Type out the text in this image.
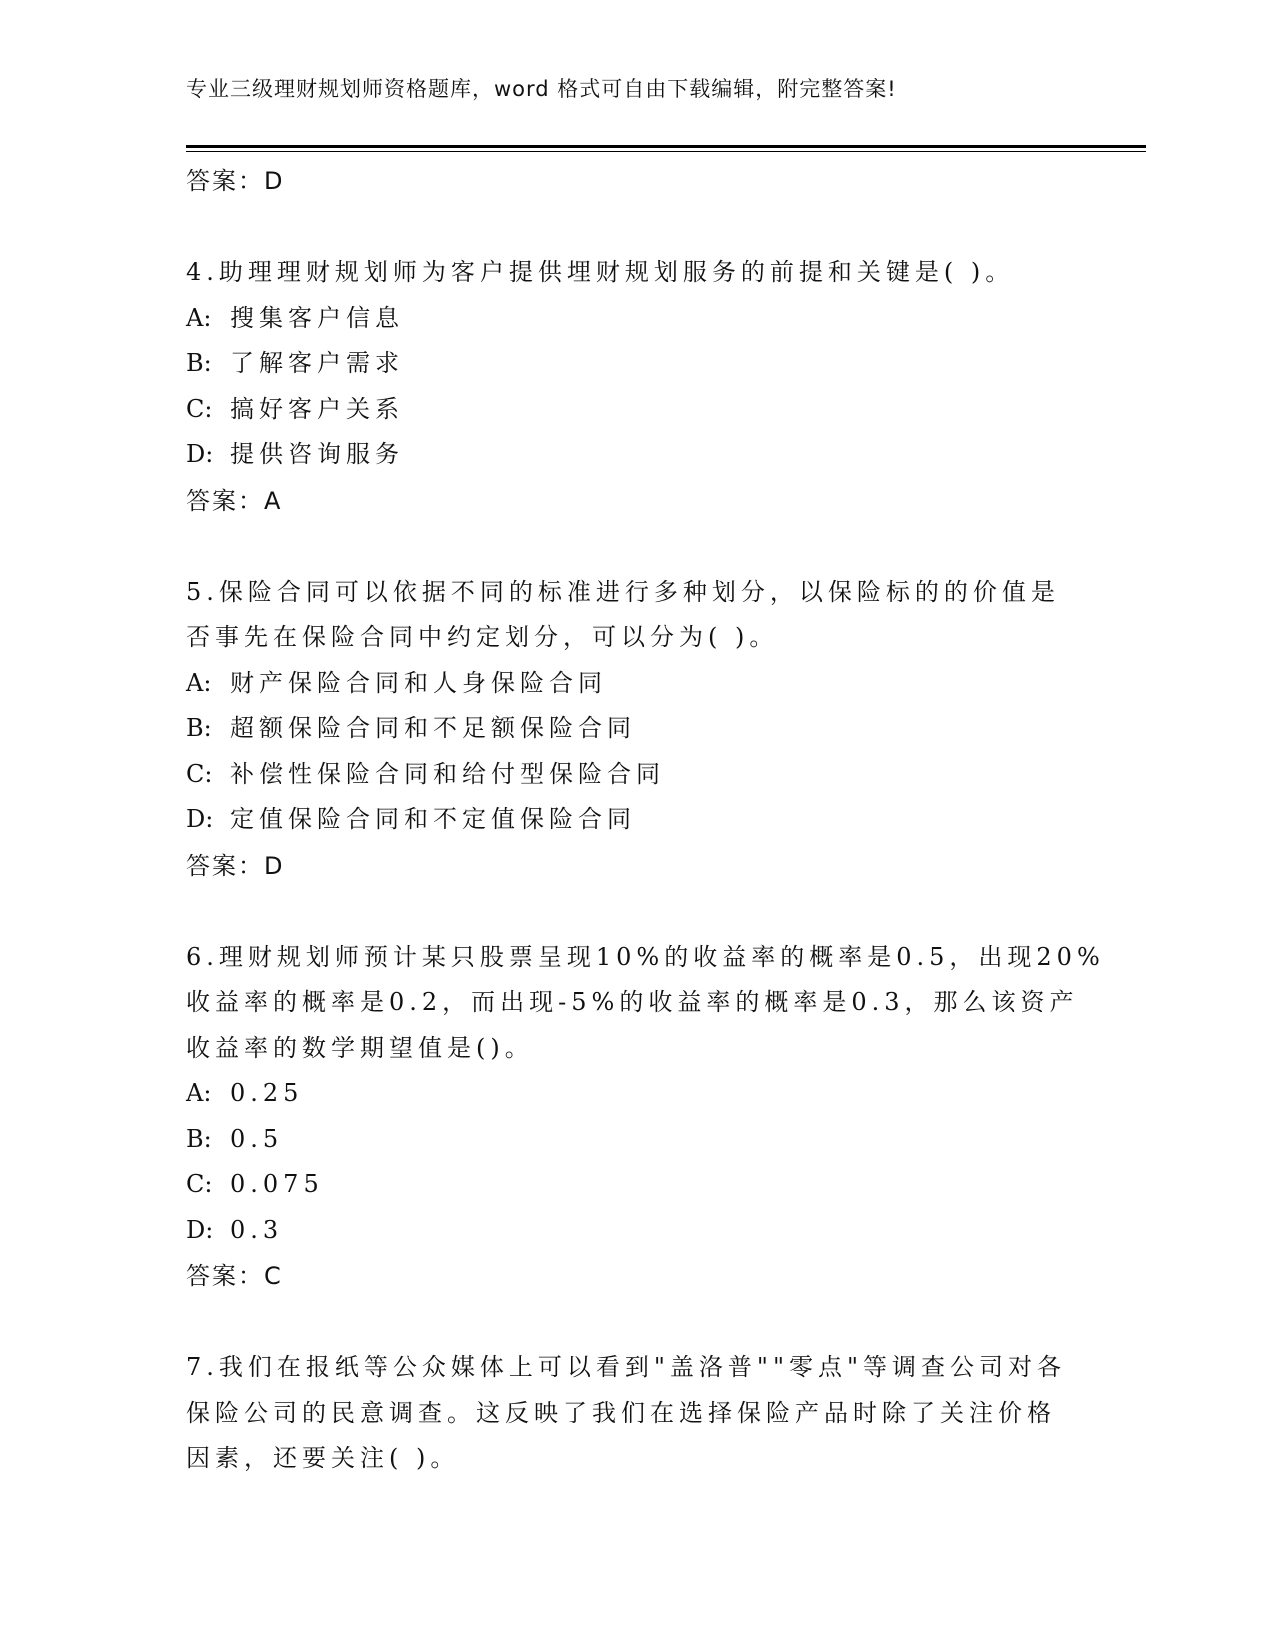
专业三级理财规划师资格题库，word 格式可自由下载编辑，附完整答案!
答案：D
4.助理理财规划师为客户提供埋财规划服务的前提和关键是( )。
A: 搜集客户信息
B: 了解客户需求
C: 搞好客户关系
D: 提供咨询服务
答案：A
5.保险合同可以依据不同的标准进行多种划分，以保险标的的价值是
否事先在保险合同中约定划分，可以分为( )。
A: 财产保险合同和人身保险合同
B: 超额保险合同和不足额保险合同
C: 补偿性保险合同和给付型保险合同
D: 定值保险合同和不定值保险合同
答案：D
6.理财规划师预计某只股票呈现10%的收益率的概率是0.5，出现20%
收益率的概率是0.2，而出现-5%的收益率的概率是0.3，那么该资产
收益率的数学期望值是()。
A: 0.25
B: 0.5
C: 0.075
D: 0.3
答案：C
7.我们在报纸等公众媒体上可以看到"盖洛普""零点"等调查公司对各
保险公司的民意调查。这反映了我们在选择保险产品时除了关注价格
因素，还要关注( )。
